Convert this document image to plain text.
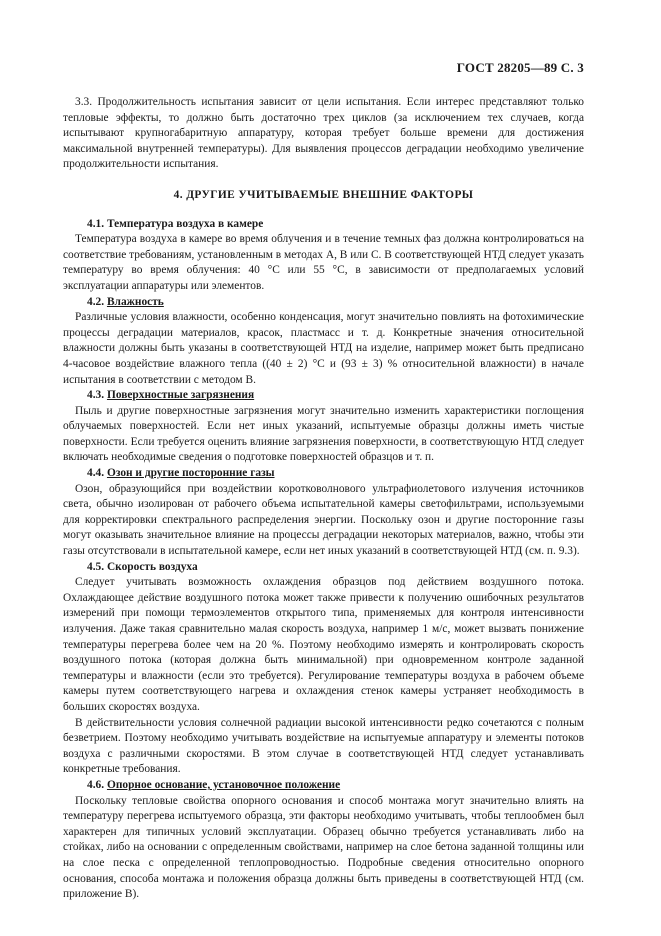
ГОСТ 28205—89 С. 3

3.3. Продолжительность испытания зависит от цели испытания. Если интерес представляют только тепловые эффекты, то должно быть достаточно трех циклов (за исключением тех случаев, когда испытывают крупногабаритную аппаратуру, которая требует больше времени для достижения максимальной внутренней температуры). Для выявления процессов деградации необходимо увеличение продолжительности испытания.

4. ДРУГИЕ УЧИТЫВАЕМЫЕ ВНЕШНИЕ ФАКТОРЫ

4.1. Температура воздуха в камере

Температура воздуха в камере во время облучения и в течение темных фаз должна контролироваться на соответствие требованиям, установленным в методах А, В или С. В соответствующей НТД следует указать температуру во время облучения: 40 °С или 55 °С, в зависимости от предполагаемых условий эксплуатации аппаратуры или элементов.

4.2. Влажность

Различные условия влажности, особенно конденсация, могут значительно повлиять на фотохимические процессы деградации материалов, красок, пластмасс и т. д. Конкретные значения относительной влажности должны быть указаны в соответствующей НТД на изделие, например может быть предписано 4-часовое воздействие влажного тепла ((40 ± 2) °С и (93 ± 3) % относительной влажности) в начале испытания в соответствии с методом В.

4.3. Поверхностные загрязнения

Пыль и другие поверхностные загрязнения могут значительно изменить характеристики поглощения облучаемых поверхностей. Если нет иных указаний, испытуемые образцы должны иметь чистые поверхности. Если требуется оценить влияние загрязнения поверхности, в соответствующую НТД следует включать необходимые сведения о подготовке поверхностей образцов и т. п.

4.4. Озон и другие посторонние газы

Озон, образующийся при воздействии коротковолнового ультрафиолетового излучения источников света, обычно изолирован от рабочего объема испытательной камеры светофильтрами, используемыми для корректировки спектрального распределения энергии. Поскольку озон и другие посторонние газы могут оказывать значительное влияние на процессы деградации некоторых материалов, важно, чтобы эти газы отсутствовали в испытательной камере, если нет иных указаний в соответствующей НТД (см. п. 9.3).

4.5. Скорость воздуха

Следует учитывать возможность охлаждения образцов под действием воздушного потока. Охлаждающее действие воздушного потока может также привести к получению ошибочных результатов измерений при помощи термоэлементов открытого типа, применяемых для контроля интенсивности излучения. Даже такая сравнительно малая скорость воздуха, например 1 м/с, может вызвать понижение температуры перегрева более чем на 20 %. Поэтому необходимо измерять и контролировать скорость воздушного потока (которая должна быть минимальной) при одновременном контроле заданной температуры и влажности (если это требуется). Регулирование температуры воздуха в рабочем объеме камеры путем соответствующего нагрева и охлаждения стенок камеры устраняет необходимость в больших скоростях воздуха.

В действительности условия солнечной радиации высокой интенсивности редко сочетаются с полным безветрием. Поэтому необходимо учитывать воздействие на испытуемые аппаратуру и элементы потоков воздуха с различными скоростями. В этом случае в соответствующей НТД следует устанавливать конкретные требования.

4.6. Опорное основание, установочное положение

Поскольку тепловые свойства опорного основания и способ монтажа могут значительно влиять на температуру перегрева испытуемого образца, эти факторы необходимо учитывать, чтобы теплообмен был характерен для типичных условий эксплуатации. Образец обычно требуется устанавливать либо на стойках, либо на основании с определенным свойствами, например на слое бетона заданной толщины или на слое песка с определенной теплопроводностью. Подробные сведения относительно опорного основания, способа монтажа и положения образца должны быть приведены в соответствующей НТД (см. приложение В).
